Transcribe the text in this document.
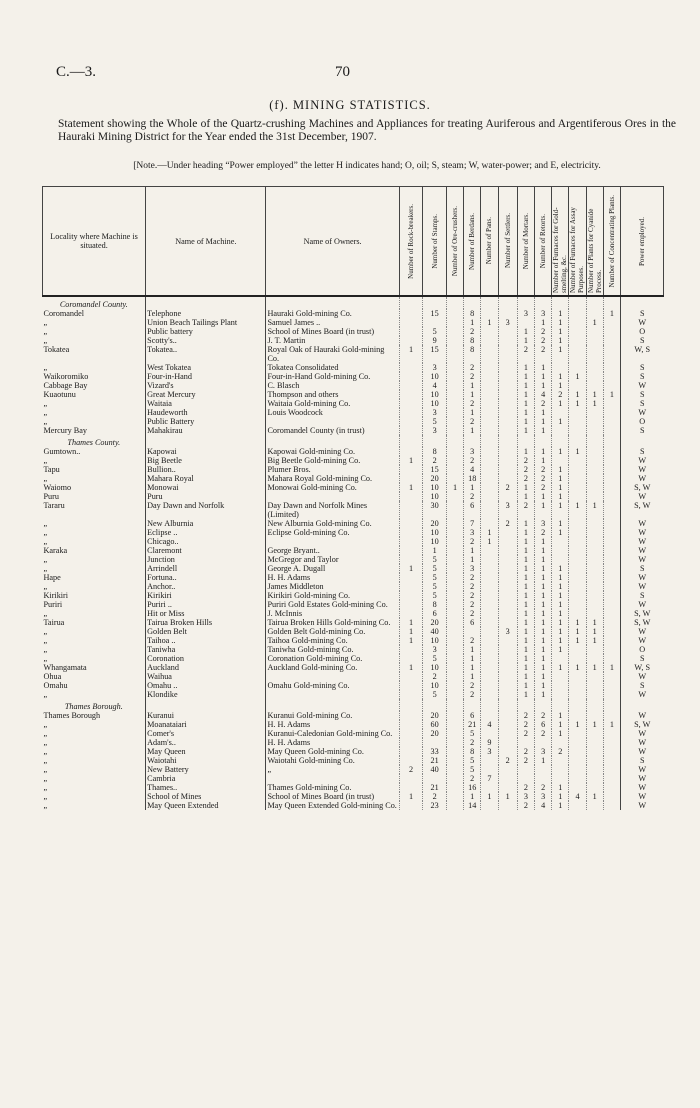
C.—3.	70
(f). MINING STATISTICS.
Statement showing the Whole of the Quartz-crushing Machines and Appliances for treating Auriferous and Argentiferous Ores in the Hauraki Mining District for the Year ended the 31st December, 1907.
[Note.—Under heading “Power employed” the letter H indicates hand; O, oil; S, steam; W, water-power; and E, electricity.
Locality where Machine is situated.	Name of Machine.	Name of Owners.	Number of Rock-breakers.	Number of Stamps.	Number of Ore-crushers.	Number of Berdans.	Number of Pans.	Number of Settlers.	Number of Mortars.	Number of Retorts.	Number of Furnaces for Gold-smelting, &c.	Number of Furnaces for Assay Purposes.	Number of Plants for Cyanide Process.	Number of Concentrating Plants.	Power employed.

Coromandel County.															
Coromandel	Telephone	Hauraki Gold-mining Co.		15		8			3	3	1			1	S
„	Union Beach Tailings Plant	Samuel James ..				1	1	3		1	1		1		W
„	Public battery	School of Mines Board (in trust)		5		2			1	2	1				O
„	Scotty's..	J. T. Martin		9		8			1	2	1				S
Tokatea	Tokatea..	Royal Oak of Hauraki Gold-mining Co.	1	15		8			2	2	1				W, S
„	West Tokatea	Tokatea Consolidated		3		2			1	1					S
Waikoromiko	Four-in-Hand	Four-in-Hand Gold-mining Co.		10		2			1	1	1	1			S
Cabbage Bay	Vizard's	C. Blasch		4		1			1	1	1				W
Kuaotunu	Great Mercury	Thompson and others		10		1			1	4	2	1	1	1	S
„	Waitaia	Waitaia Gold-mining Co.		10		2			1	2	1	1	1		S
„	Haudeworth	Louis Woodcock		3		1			1	1					W
„	Public Battery			5		2			1	1	1				O
Mercury Bay	Mahakirau	Coromandel County (in trust)		3		1			1	1					S
Thames County.															
Gumtown..	Kapowai	Kapowai Gold-mining Co.		8		3			1	1	1	1			S
„	Big Beetle	Big Beetle Gold-mining Co.	1	2		2			2	1					W
Tapu	Bullion..	Plumer Bros.		15		4			2	2	1				W
„	Mahara Royal	Mahara Royal Gold-mining Co.		20		18			2	2	1				W
Waiomo	Monowai	Monowai Gold-mining Co.	1	10	1	1		2	1	2	1				S, W
Puru	Puru			10		2			1	1	1				W
Tararu	Day Dawn and Norfolk	Day Dawn and Norfolk Mines (Limited)		30		6		3	2	1	1	1	1		S, W
„	New Alburnia	New Alburnia Gold-mining Co.		20		7		2	1	3	1				W
„	Eclipse ..	Eclipse Gold-mining Co.		10		3	1		1	2	1				W
„	Chicago..			10		2	1		1	1					W
Karaka	Claremont	George Bryant..		1		1			1	1					W
„	Junction	McGregor and Taylor		5		1			1	1					W
„	Arrindell	George A. Dugall	1	5		3			1	1	1				S
Hape	Fortuna..	H. H. Adams		5		2			1	1	1				W
„	Anchor..	James Middleton		5		2			1	1	1				W
Kirikiri	Kirikiri	Kirikiri Gold-mining Co.		5		2			1	1	1				S
Puriri	Puriri ..	Puriri Gold Estates Gold-mining Co.		8		2			1	1	1				W
„	Hit or Miss	J. McInnis		6		2			1	1	1				S, W
Tairua	Tairua Broken Hills	Tairua Broken Hills Gold-mining Co.	1	20		6			1	1	1	1	1		S, W
„	Golden Belt	Golden Belt Gold-mining Co.	1	40				3	1	1	1	1	1		W
„	Taihoa ..	Taihoa Gold-mining Co.	1	10		2			1	1	1	1	1		W
„	Taniwha	Taniwha Gold-mining Co.		3		1			1	1	1				O
„	Coronation	Coronation Gold-mining Co.		5		1			1	1					S
Whangamata	Auckland	Auckland Gold-mining Co.	1	10		1			1	1	1	1	1	1	W, S
Ohua	Waihua			2		1			1	1					W
Omahu	Omahu ..	Omahu Gold-mining Co.		10		2			1	1					S
„	Klondike			5		2			1	1					W
Thames Borough.															
Thames Borough	Kuranui	Kuranui Gold-mining Co.		20		6			2	2	1				W
„	Moanataiari	H. H. Adams		60		21	4		2	6	1	1	1	1	S, W
„	Comer's	Kuranui-Caledonian Gold-mining Co.		20		5			2	2	1				W
„	Adam's..	H. H. Adams				2	9								W
„	May Queen	May Queen Gold-mining Co.		33		8	3		2	3	2				W
„	Waiotahi	Waiotahi Gold-mining Co.		21		5		2	2	1					S
„	New Battery	„	2	40		5									W
„	Cambria					2	7								W
„	Thames..	Thames Gold-mining Co.		21		16			2	2	1				W
„	School of Mines	School of Mines Board (in trust)	1	2		1	1	1	3	3	1	4	1		W
„	May Queen Extended	May Queen Extended Gold-mining Co.		23		14			2	4	1				W
